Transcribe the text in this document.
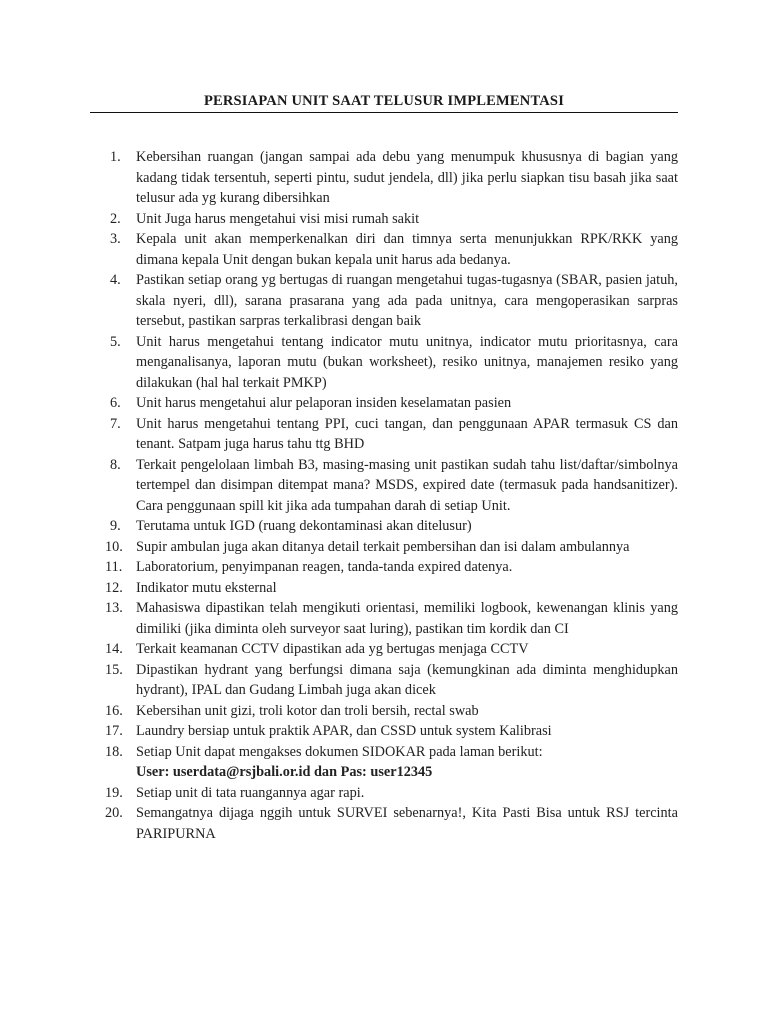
PERSIAPAN UNIT SAAT TELUSUR IMPLEMENTASI
1. Kebersihan ruangan (jangan sampai ada debu yang menumpuk khususnya di bagian yang kadang tidak tersentuh, seperti pintu, sudut jendela, dll) jika perlu siapkan tisu basah jika saat telusur ada yg kurang dibersihkan
2. Unit Juga harus mengetahui visi misi rumah sakit
3. Kepala unit akan memperkenalkan diri dan timnya serta menunjukkan RPK/RKK yang dimana kepala Unit dengan bukan kepala unit harus ada bedanya.
4. Pastikan setiap orang yg bertugas di ruangan mengetahui tugas-tugasnya (SBAR, pasien jatuh, skala nyeri, dll), sarana prasarana yang ada pada unitnya, cara mengoperasikan sarpras tersebut, pastikan sarpras terkalibrasi dengan baik
5. Unit harus mengetahui tentang indicator mutu unitnya, indicator mutu prioritasnya, cara menganalisanya, laporan mutu (bukan worksheet), resiko unitnya, manajemen resiko yang dilakukan (hal hal terkait PMKP)
6. Unit harus mengetahui alur pelaporan insiden keselamatan pasien
7. Unit harus mengetahui tentang PPI, cuci tangan, dan penggunaan APAR termasuk CS dan tenant. Satpam juga harus tahu ttg BHD
8. Terkait pengelolaan limbah B3, masing-masing unit pastikan sudah tahu list/daftar/simbolnya tertempel dan disimpan ditempat mana? MSDS, expired date (termasuk pada handsanitizer). Cara penggunaan spill kit jika ada tumpahan darah di setiap Unit.
9. Terutama untuk IGD (ruang dekontaminasi akan ditelusur)
10. Supir ambulan juga akan ditanya detail terkait pembersihan dan isi dalam ambulannya
11. Laboratorium, penyimpanan reagen, tanda-tanda expired datenya.
12. Indikator mutu eksternal
13. Mahasiswa dipastikan telah mengikuti orientasi, memiliki logbook, kewenangan klinis yang dimiliki (jika diminta oleh surveyor saat luring), pastikan tim kordik dan CI
14. Terkait keamanan CCTV dipastikan ada yg bertugas menjaga CCTV
15. Dipastikan hydrant yang berfungsi dimana saja (kemungkinan ada diminta menghidupkan hydrant), IPAL dan Gudang Limbah juga akan dicek
16. Kebersihan unit gizi, troli kotor dan troli bersih, rectal swab
17. Laundry bersiap untuk praktik APAR, dan CSSD untuk system Kalibrasi
18. Setiap Unit dapat mengakses dokumen SIDOKAR pada laman berikut:
User: userdata@rsjbali.or.id dan Pas: user12345
19. Setiap unit di tata ruangannya agar rapi.
20. Semangatnya dijaga nggih untuk SURVEI sebenarnya!, Kita Pasti Bisa untuk RSJ tercinta PARIPURNA
